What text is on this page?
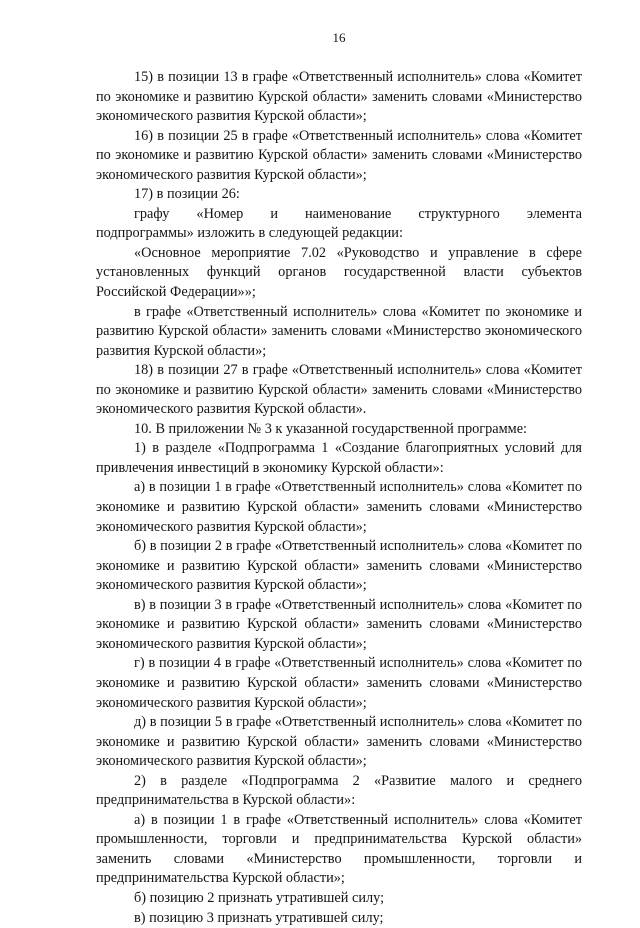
16

15) в позиции 13 в графе «Ответственный исполнитель» слова «Комитет по экономике и развитию Курской области» заменить словами «Министерство экономического развития Курской области»;

16) в позиции 25 в графе «Ответственный исполнитель» слова «Комитет по экономике и развитию Курской области» заменить словами «Министерство экономического развития Курской области»;

17) в позиции 26:

графу «Номер и наименование структурного элемента

подпрограммы» изложить в следующей редакции:

«Основное мероприятие 7.02 «Руководство и управление в сфере установленных функций органов государственной власти субъектов Российской Федерации»»;

в графе «Ответственный исполнитель» слова «Комитет по экономике и развитию Курской области» заменить словами «Министерство экономического развития Курской области»;

18) в позиции 27 в графе «Ответственный исполнитель» слова «Комитет по экономике и развитию Курской области» заменить словами «Министерство экономического развития Курской области».

10. В приложении № 3 к указанной государственной программе:

1) в разделе «Подпрограмма 1 «Создание благоприятных условий для привлечения инвестиций в экономику Курской области»:

а) в позиции 1 в графе «Ответственный исполнитель» слова «Комитет по экономике и развитию Курской области» заменить словами «Министерство экономического развития Курской области»;

б) в позиции 2 в графе «Ответственный исполнитель» слова «Комитет по экономике и развитию Курской области» заменить словами «Министерство экономического развития Курской области»;

в) в позиции 3 в графе «Ответственный исполнитель» слова «Комитет по экономике и развитию Курской области» заменить словами «Министерство экономического развития Курской области»;

г) в позиции 4 в графе «Ответственный исполнитель» слова «Комитет по экономике и развитию Курской области» заменить словами «Министерство экономического развития Курской области»;

д) в позиции 5 в графе «Ответственный исполнитель» слова «Комитет по экономике и развитию Курской области» заменить словами «Министерство экономического развития Курской области»;

2) в разделе «Подпрограмма 2 «Развитие малого и среднего предпринимательства в Курской области»:

а) в позиции 1 в графе «Ответственный исполнитель» слова «Комитет промышленности, торговли и предпринимательства Курской области» заменить словами «Министерство промышленности, торговли и предпринимательства Курской области»;

б) позицию 2 признать утратившей силу;

в) позицию 3 признать утратившей силу;
